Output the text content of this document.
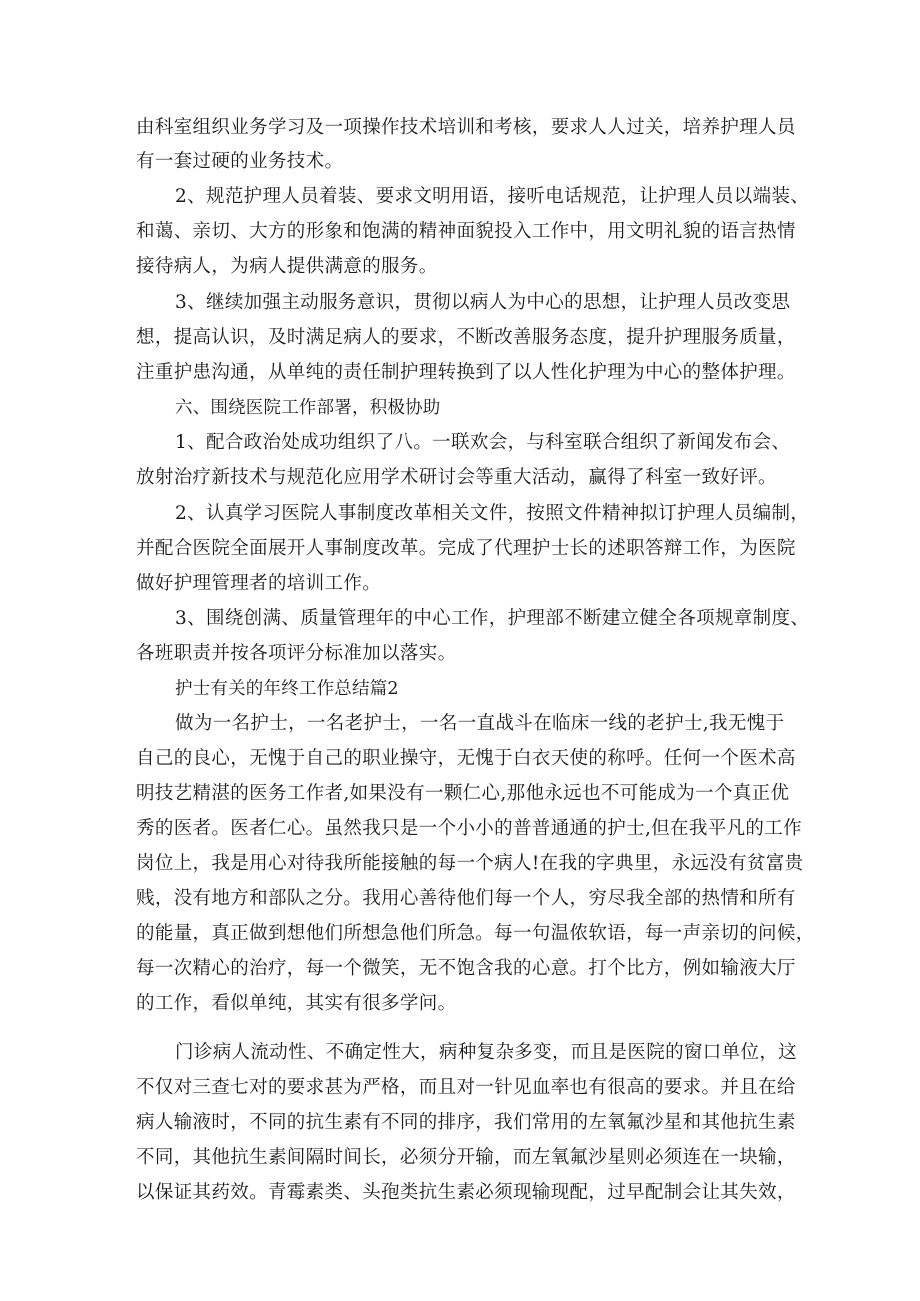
由科室组织业务学习及一项操作技术培训和考核，要求人人过关，培养护理人员
有一套过硬的业务技术。
2、规范护理人员着装、要求文明用语，接听电话规范，让护理人员以端装、
和蔼、亲切、大方的形象和饱满的精神面貌投入工作中，用文明礼貌的语言热情
接待病人，为病人提供满意的服务。
3、继续加强主动服务意识，贯彻以病人为中心的思想，让护理人员改变思
想，提高认识，及时满足病人的要求，不断改善服务态度，提升护理服务质量，
注重护患沟通，从单纯的责任制护理转换到了以人性化护理为中心的整体护理。
六、围绕医院工作部署，积极协助
1、配合政治处成功组织了八。一联欢会，与科室联合组织了新闻发布会、
放射治疗新技术与规范化应用学术研讨会等重大活动，赢得了科室一致好评。
2、认真学习医院人事制度改革相关文件，按照文件精神拟订护理人员编制，
并配合医院全面展开人事制度改革。完成了代理护士长的述职答辩工作，为医院
做好护理管理者的培训工作。
3、围绕创满、质量管理年的中心工作，护理部不断建立健全各项规章制度、
各班职责并按各项评分标准加以落实。
护士有关的年终工作总结篇2
做为一名护士，一名老护士，一名一直战斗在临床一线的老护士,我无愧于
自己的良心，无愧于自己的职业操守，无愧于白衣天使的称呼。任何一个医术高
明技艺精湛的医务工作者,如果没有一颗仁心,那他永远也不可能成为一个真正优
秀的医者。医者仁心。虽然我只是一个小小的普普通通的护士,但在我平凡的工作
岗位上，我是用心对待我所能接触的每一个病人!在我的字典里，永远没有贫富贵
贱，没有地方和部队之分。我用心善待他们每一个人，穷尽我全部的热情和所有
的能量，真正做到想他们所想急他们所急。每一句温侬软语，每一声亲切的问候，
每一次精心的治疗，每一个微笑，无不饱含我的心意。打个比方，例如输液大厅
的工作，看似单纯，其实有很多学问。
门诊病人流动性、不确定性大，病种复杂多变，而且是医院的窗口单位，这
不仅对三查七对的要求甚为严格，而且对一针见血率也有很高的要求。并且在给
病人输液时，不同的抗生素有不同的排序，我们常用的左氧氟沙星和其他抗生素
不同，其他抗生素间隔时间长，必须分开输，而左氧氟沙星则必须连在一块输，
以保证其药效。青霉素类、头孢类抗生素必须现输现配，过早配制会让其失效，
